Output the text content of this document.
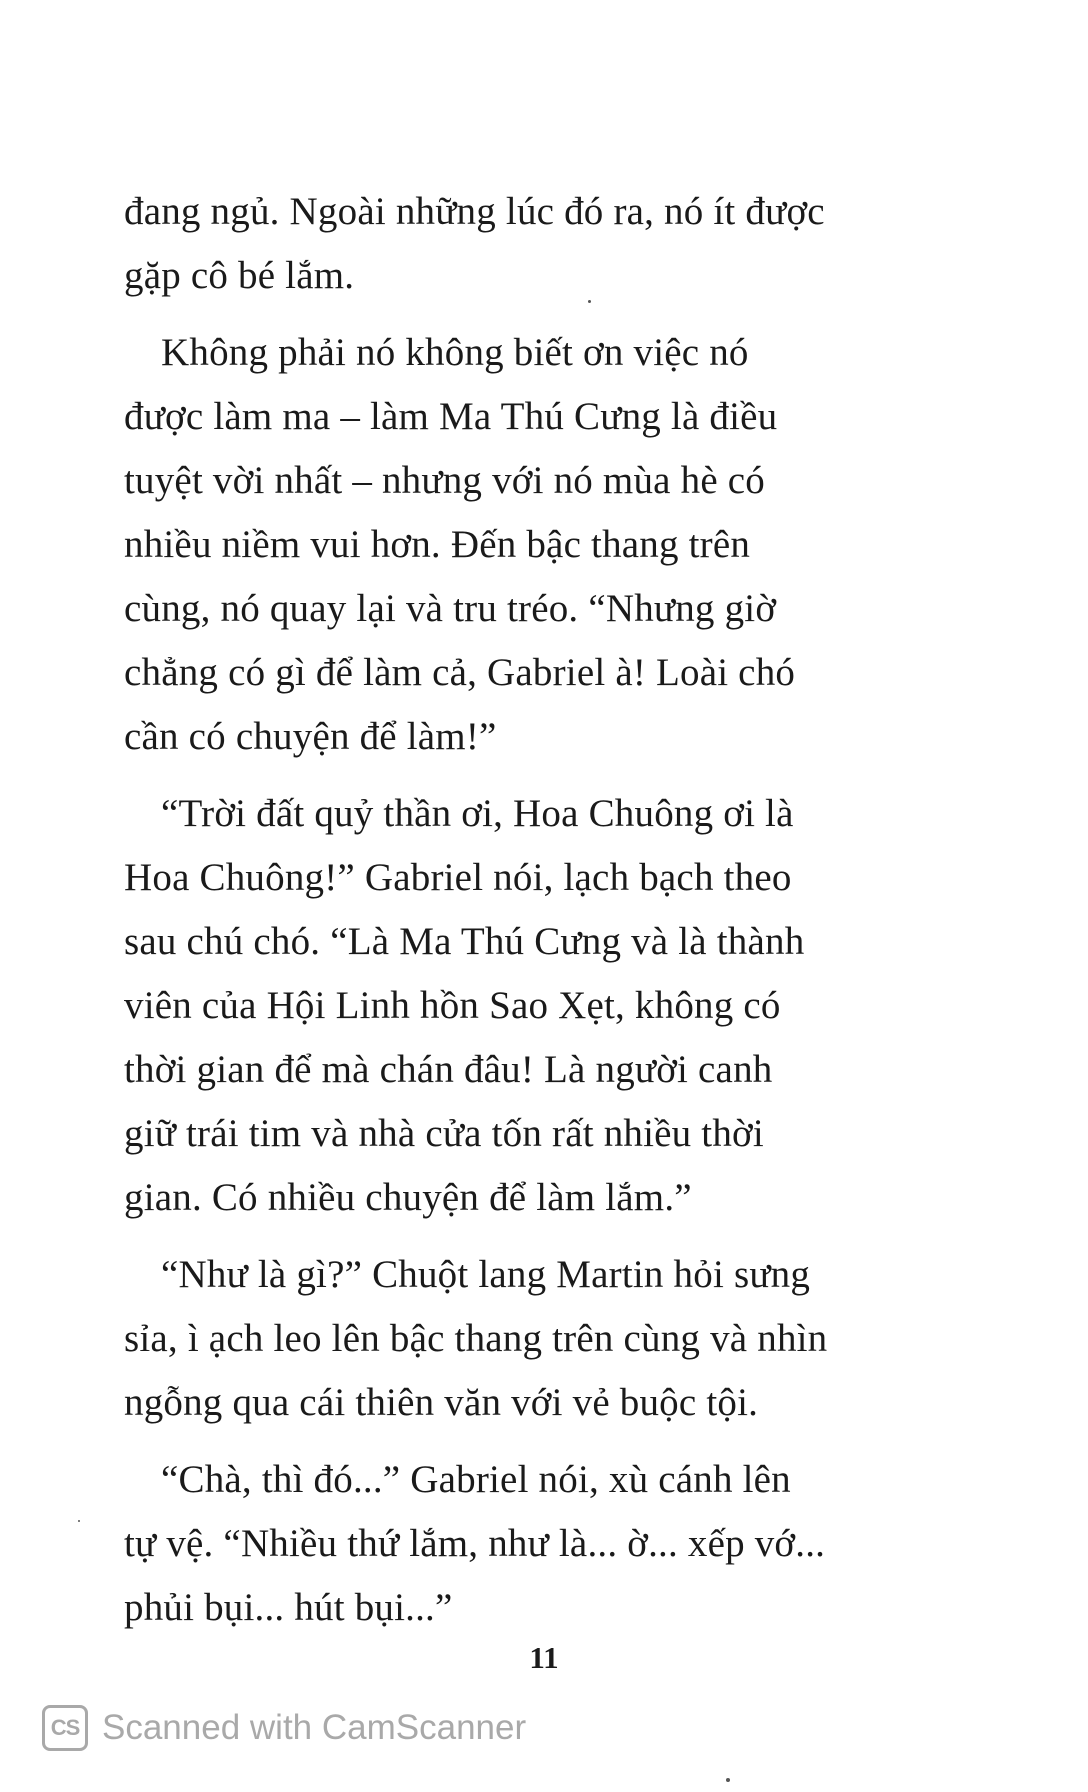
đang ngủ. Ngoài những lúc đó ra, nó ít được
gặp cô bé lắm.
Không phải nó không biết ơn việc nó
được làm ma – làm Ma Thú Cưng là điều
tuyệt vời nhất – nhưng với nó mùa hè có
nhiều niềm vui hơn. Đến bậc thang trên
cùng, nó quay lại và tru tréo. “Nhưng giờ
chẳng có gì để làm cả, Gabriel à! Loài chó
cần có chuyện để làm!”
“Trời đất quỷ thần ơi, Hoa Chuông ơi là
Hoa Chuông!” Gabriel nói, lạch bạch theo
sau chú chó. “Là Ma Thú Cưng và là thành
viên của Hội Linh hồn Sao Xẹt, không có
thời gian để mà chán đâu! Là người canh
giữ trái tim và nhà cửa tốn rất nhiều thời
gian. Có nhiều chuyện để làm lắm.”
“Như là gì?” Chuột lang Martin hỏi sưng
sỉa, ì ạch leo lên bậc thang trên cùng và nhìn
ngỗng qua cái thiên văn với vẻ buộc tội.
“Chà, thì đó...” Gabriel nói, xù cánh lên
tự vệ. “Nhiều thứ lắm, như là... ờ... xếp vớ...
phủi bụi... hút bụi...”
11
CS Scanned with CamScanner
